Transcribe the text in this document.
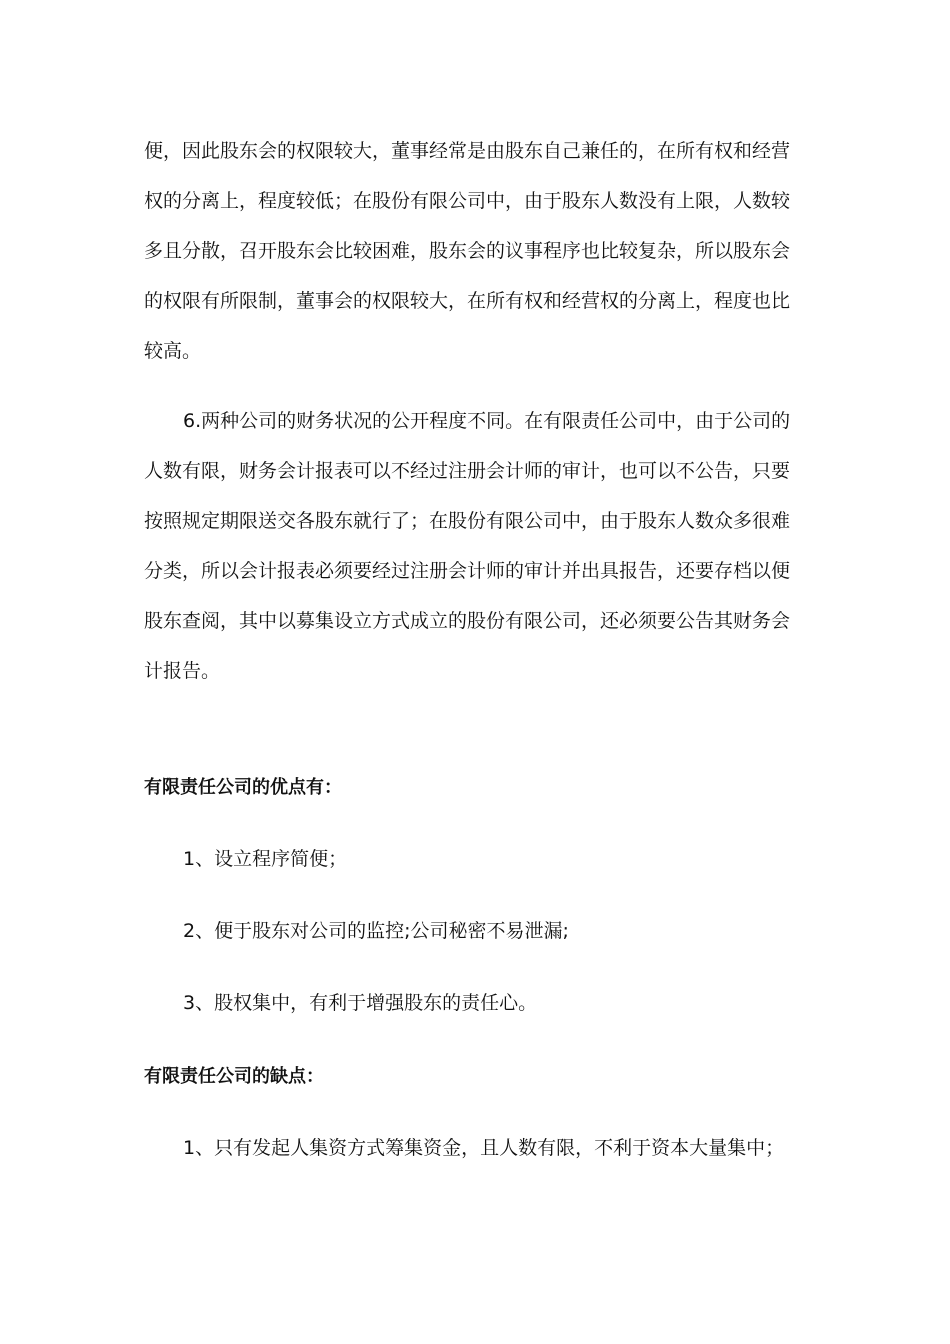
便，因此股东会的权限较大，董事经常是由股东自己兼任的，在所有权和经营
权的分离上，程度较低；在股份有限公司中，由于股东人数没有上限，人数较
多且分散，召开股东会比较困难，股东会的议事程序也比较复杂，所以股东会
的权限有所限制，董事会的权限较大，在所有权和经营权的分离上，程度也比
较高。
6.两种公司的财务状况的公开程度不同。在有限责任公司中，由于公司的
人数有限，财务会计报表可以不经过注册会计师的审计，也可以不公告，只要
按照规定期限送交各股东就行了；在股份有限公司中，由于股东人数众多很难
分类，所以会计报表必须要经过注册会计师的审计并出具报告，还要存档以便
股东查阅，其中以募集设立方式成立的股份有限公司，还必须要公告其财务会
计报告。
有限责任公司的优点有：
1、设立程序简便；
2、便于股东对公司的监控;公司秘密不易泄漏;
3、股权集中，有利于增强股东的责任心。
有限责任公司的缺点：
1、只有发起人集资方式筹集资金，且人数有限，不利于资本大量集中；
